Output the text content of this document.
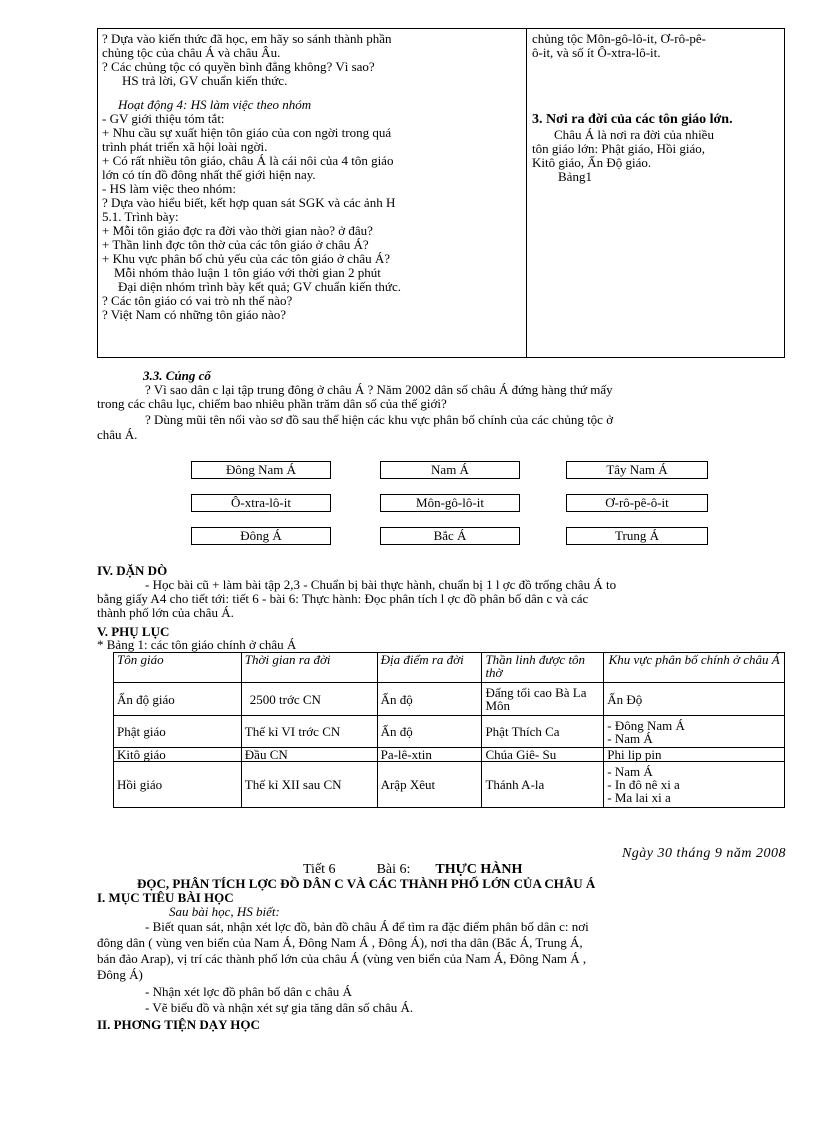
? Dựa vào kiến thức đã học, em hãy so sánh thành phần
chủng tộc của châu Á và châu Âu.
? Các chủng tộc có quyền bình đẳng không? Vì sao?
HS trả lời, GV chuẩn kiến thức.
Hoạt động 4: HS làm việc theo nhóm
- GV giới thiệu tóm tắt:
+ Nhu cầu sự xuất hiện tôn giáo của con ngời trong quá
trình phát triển xã hội loài ngời.
+ Có rất nhiều tôn giáo, châu Á là cái nôi của 4 tôn giáo
lớn có tín đồ đông nhất thế giới hiện nay.
- HS làm việc theo nhóm:
? Dựa vào hiểu biết, kết hợp quan sát SGK và các ảnh H
5.1. Trình bày:
+ Mỗi tôn giáo đợc ra đời vào thời gian nào? ở đâu?
+ Thần linh đợc tôn thờ của các tôn giáo ở châu Á?
+ Khu vực phân bố chủ yếu của các tôn giáo ở châu Á?
Mỗi nhóm thảo luận 1 tôn giáo với thời gian 2 phút
Đại diện nhóm trình bày kết quả; GV chuẩn kiến thức.
? Các tôn giáo có vai trò nh thế nào?
? Việt Nam có những tôn giáo nào?
chủng tộc Môn-gô-lô-it, Ơ-rô-pê-
ô-it, và số ít Ô-xtra-lô-it.
3. Nơi ra đời của các tôn giáo lớn.
Châu Á là nơi ra đời của nhiều
tôn giáo lớn: Phật giáo, Hồi giáo,
Kitô giáo, Ấn Độ giáo.
Bảng1
3.3. Củng cố
? Vì sao dân c lại tập trung đông ở châu Á ? Năm 2002 dân số châu Á đứng hàng thứ mấy
trong các châu lục, chiếm bao nhiêu phần trăm dân số của thế giới?
? Dùng mũi tên nối vào sơ đồ sau thể hiện các khu vực phân bố chính của các chủng tộc ở
châu Á.
Đông Nam Á	Nam Á	Tây Nam Á
Ô-xtra-lô-it	Môn-gô-lô-it	Ơ-rô-pê-ô-it
Đông Á	Bắc Á	Trung Á
IV. DẶN DÒ
- Học bài cũ + làm bài tập 2,3 - Chuẩn bị bài thực hành, chuẩn bị 1 l ợc đồ trống châu Á to
bằng giấy A4 cho tiết tới: tiết 6 - bài 6: Thực hành: Đọc phân tích l ợc đồ phân bố dân c và các
thành phố lớn của châu Á.
V. PHỤ LỤC
* Bảng 1: các tôn giáo chính ở châu Á
Tôn giáo	Thời gian ra đời	Địa điểm ra đời	Thần linh được tôn thờ	Khu vực phân bố chính ở châu Á
Ấn độ giáo	2500 trớc CN	Ấn độ	Đấng tối cao Bà La Môn	Ấn Độ
Phật giáo	Thế kỉ VI trớc CN	Ấn độ	Phật Thích Ca	- Đông Nam Á
- Nam Á
Kitô giáo	Đầu CN	Pa-lê-xtin	Chúa Giê- Su	Phi lip pin
Hồi giáo	Thế kỉ XII sau CN	Arập Xêut	Thánh A-la	- Nam Á
- In đô nê xi a
- Ma lai xi a
Ngày 30 tháng 9 năm 2008
Tiết 6	Bài 6: THỰC HÀNH
ĐỌC, PHÂN TÍCH LỢC ĐỒ DÂN C VÀ CÁC THÀNH PHỐ LỚN CỦA CHÂU Á
I. MỤC TIÊU BÀI HỌC
Sau bài học, HS biết:
- Biết quan sát, nhận xét lợc đồ, bản đồ châu Á để tìm ra đặc điểm phân bố dân c: nơi
đông dân ( vùng ven biển của Nam Á, Đông Nam Á , Đông Á), nơi tha dân (Bắc Á, Trung Á,
bán đảo Arap), vị trí các thành phố lớn của châu Á (vùng ven biển của Nam Á, Đông Nam Á ,
Đông Á)
- Nhận xét lợc đồ phân bố dân c châu Á
- Vẽ biểu đồ và nhận xét sự gia tăng dân số châu Á.
II. PHƠNG TIỆN DẠY HỌC
